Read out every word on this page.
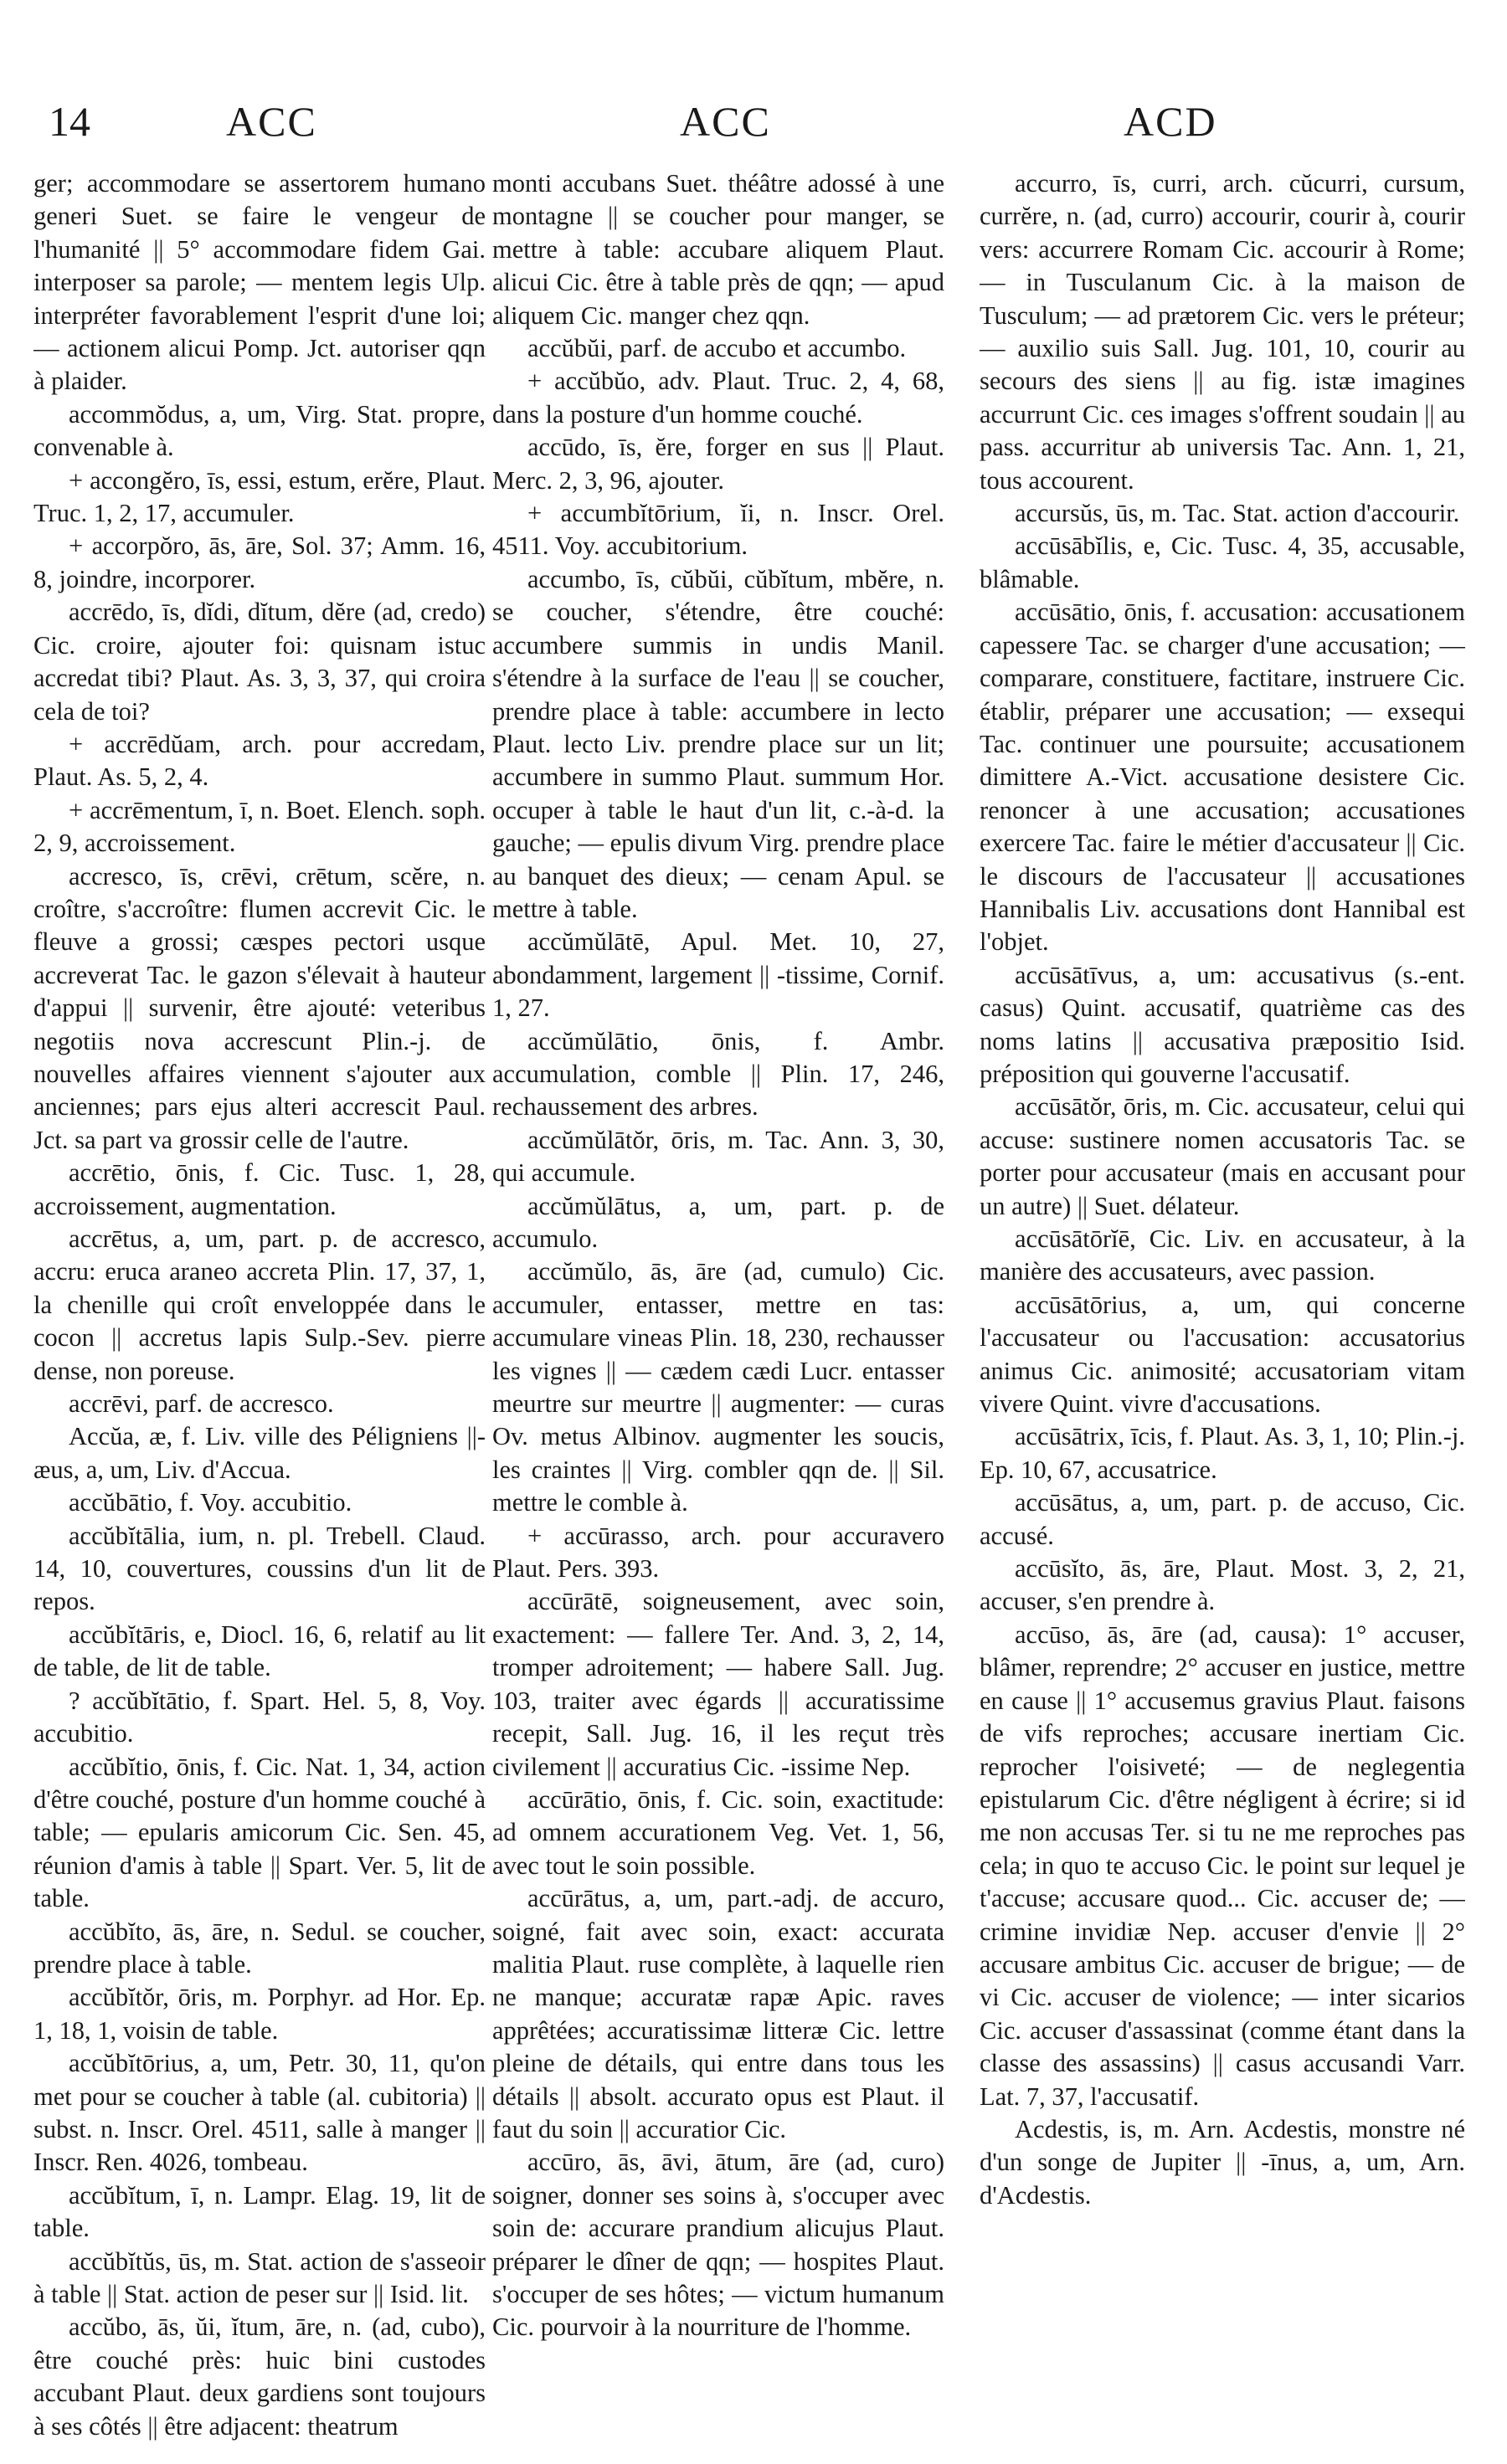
14	ACC	ACC	ACD

ger; accommodare se assertorem humano generi Suet. se faire le vengeur de l'humanité || 5° accommodare fidem Gai. interposer sa parole; — mentem legis Ulp. interpréter favorablement l'esprit d'une loi; — actionem alicui Pomp. Jct. autoriser qqn à plaider.

accommŏdus, a, um, Virg. Stat. propre, convenable à.

+ accongĕro, īs, essi, estum, erĕre, Plaut. Truc. 1, 2, 17, accumuler.

+ accorpŏro, ās, āre, Sol. 37; Amm. 16, 8, joindre, incorporer.

accrēdo, īs, dĭdi, dĭtum, dĕre (ad, credo) Cic. croire, ajouter foi: quisnam istuc accredat tibi? Plaut. As. 3, 3, 37, qui croira cela de toi?

+ accrēdŭam, arch. pour accredam, Plaut. As. 5, 2, 4.

+ accrēmentum, ī, n. Boet. Elench. soph. 2, 9, accroissement.

accresco, īs, crēvi, crētum, scĕre, n. croître, s'accroître: flumen accrevit Cic. le fleuve a grossi; cæspes pectori usque accreverat Tac. le gazon s'élevait à hauteur d'appui || survenir, être ajouté: veteribus negotiis nova accrescunt Plin.-j. de nouvelles affaires viennent s'ajouter aux anciennes; pars ejus alteri accrescit Paul. Jct. sa part va grossir celle de l'autre.

accrētio, ōnis, f. Cic. Tusc. 1, 28, accroissement, augmentation.

accrētus, a, um, part. p. de accresco, accru: eruca araneo accreta Plin. 17, 37, 1, la chenille qui croît enveloppée dans le cocon || accretus lapis Sulp.-Sev. pierre dense, non poreuse.

accrēvi, parf. de accresco.

Accŭa, æ, f. Liv. ville des Péligniens ||-æus, a, um, Liv. d'Accua.

accŭbātio, f. Voy. accubitio.

accŭbĭtālia, ium, n. pl. Trebell. Claud. 14, 10, couvertures, coussins d'un lit de repos.

accŭbĭtāris, e, Diocl. 16, 6, relatif au lit de table, de lit de table.

? accŭbĭtātio, f. Spart. Hel. 5, 8, Voy. accubitio.

accŭbĭtio, ōnis, f. Cic. Nat. 1, 34, action d'être couché, posture d'un homme couché à table; — epularis amicorum Cic. Sen. 45, réunion d'amis à table || Spart. Ver. 5, lit de table.

accŭbĭto, ās, āre, n. Sedul. se coucher, prendre place à table.

accŭbĭtŏr, ōris, m. Porphyr. ad Hor. Ep. 1, 18, 1, voisin de table.

accŭbĭtōrius, a, um, Petr. 30, 11, qu'on met pour se coucher à table (al. cubitoria) || subst. n. Inscr. Orel. 4511, salle à manger || Inscr. Ren. 4026, tombeau.

accŭbĭtum, ī, n. Lampr. Elag. 19, lit de table.

accŭbĭtŭs, ūs, m. Stat. action de s'asseoir à table || Stat. action de peser sur || Isid. lit.

accŭbo, ās, ŭi, ĭtum, āre, n. (ad, cubo), être couché près: huic bini custodes accubant Plaut. deux gardiens sont toujours à ses côtés || être adjacent: theatrum

monti accubans Suet. théâtre adossé à une montagne || se coucher pour manger, se mettre à table: accubare aliquem Plaut. alicui Cic. être à table près de qqn; — apud aliquem Cic. manger chez qqn.

accŭbŭi, parf. de accubo et accumbo.

+ accŭbŭo, adv. Plaut. Truc. 2, 4, 68, dans la posture d'un homme couché.

accūdo, īs, ĕre, forger en sus || Plaut. Merc. 2, 3, 96, ajouter.

+ accumbĭtōrium, ĭi, n. Inscr. Orel. 4511. Voy. accubitorium.

accumbo, īs, cŭbŭi, cŭbĭtum, mbĕre, n. se coucher, s'étendre, être couché: accumbere summis in undis Manil. s'étendre à la surface de l'eau || se coucher, prendre place à table: accumbere in lecto Plaut. lecto Liv. prendre place sur un lit; accumbere in summo Plaut. summum Hor. occuper à table le haut d'un lit, c.-à-d. la gauche; — epulis divum Virg. prendre place au banquet des dieux; — cenam Apul. se mettre à table.

accŭmŭlātē, Apul. Met. 10, 27, abondamment, largement || -tissime, Cornif. 1, 27.

accŭmŭlātio, ōnis, f. Ambr. accumulation, comble || Plin. 17, 246, rechaussement des arbres.

accŭmŭlātŏr, ōris, m. Tac. Ann. 3, 30, qui accumule.

accŭmŭlātus, a, um, part. p. de accumulo.

accŭmŭlo, ās, āre (ad, cumulo) Cic. accumuler, entasser, mettre en tas: accumulare vineas Plin. 18, 230, rechausser les vignes || — cædem cædi Lucr. entasser meurtre sur meurtre || augmenter: — curas Ov. metus Albinov. augmenter les soucis, les craintes || Virg. combler qqn de. || Sil. mettre le comble à.

+ accūrasso, arch. pour accuravero Plaut. Pers. 393.

accūrātē, soigneusement, avec soin, exactement: — fallere Ter. And. 3, 2, 14, tromper adroitement; — habere Sall. Jug. 103, traiter avec égards || accuratissime recepit, Sall. Jug. 16, il les reçut très civilement || accuratius Cic. -issime Nep.

accūrātio, ōnis, f. Cic. soin, exactitude: ad omnem accurationem Veg. Vet. 1, 56, avec tout le soin possible.

accūrātus, a, um, part.-adj. de accuro, soigné, fait avec soin, exact: accurata malitia Plaut. ruse complète, à laquelle rien ne manque; accuratæ rapæ Apic. raves apprêtées; accuratissimæ litteræ Cic. lettre pleine de détails, qui entre dans tous les détails || absolt. accurato opus est Plaut. il faut du soin || accuratior Cic.

accūro, ās, āvi, ātum, āre (ad, curo) soigner, donner ses soins à, s'occuper avec soin de: accurare prandium alicujus Plaut. préparer le dîner de qqn; — hospites Plaut. s'occuper de ses hôtes; — victum humanum Cic. pourvoir à la nourriture de l'homme.

accurro, īs, curri, arch. cŭcurri, cursum, currĕre, n. (ad, curro) accourir, courir à, courir vers: accurrere Romam Cic. accourir à Rome; — in Tusculanum Cic. à la maison de Tusculum; — ad prætorem Cic. vers le préteur; — auxilio suis Sall. Jug. 101, 10, courir au secours des siens || au fig. istæ imagines accurrunt Cic. ces images s'offrent soudain || au pass. accurritur ab universis Tac. Ann. 1, 21, tous accourent.

accursŭs, ūs, m. Tac. Stat. action d'accourir.

accūsābĭlis, e, Cic. Tusc. 4, 35, accusable, blâmable.

accūsātio, ōnis, f. accusation: accusationem capessere Tac. se charger d'une accusation; — comparare, constituere, factitare, instruere Cic. établir, préparer une accusation; — exsequi Tac. continuer une poursuite; accusationem dimittere A.-Vict. accusatione desistere Cic. renoncer à une accusation; accusationes exercere Tac. faire le métier d'accusateur || Cic. le discours de l'accusateur || accusationes Hannibalis Liv. accusations dont Hannibal est l'objet.

accūsātīvus, a, um: accusativus (s.-ent. casus) Quint. accusatif, quatrième cas des noms latins || accusativa præpositio Isid. préposition qui gouverne l'accusatif.

accūsātŏr, ōris, m. Cic. accusateur, celui qui accuse: sustinere nomen accusatoris Tac. se porter pour accusateur (mais en accusant pour un autre) || Suet. délateur.

accūsātōrĭē, Cic. Liv. en accusateur, à la manière des accusateurs, avec passion.

accūsātōrius, a, um, qui concerne l'accusateur ou l'accusation: accusatorius animus Cic. animosité; accusatoriam vitam vivere Quint. vivre d'accusations.

accūsātrix, īcis, f. Plaut. As. 3, 1, 10; Plin.-j. Ep. 10, 67, accusatrice.

accūsātus, a, um, part. p. de accuso, Cic. accusé.

accūsĭto, ās, āre, Plaut. Most. 3, 2, 21, accuser, s'en prendre à.

accūso, ās, āre (ad, causa): 1° accuser, blâmer, reprendre; 2° accuser en justice, mettre en cause || 1° accusemus gravius Plaut. faisons de vifs reproches; accusare inertiam Cic. reprocher l'oisiveté; — de neglegentia epistularum Cic. d'être négligent à écrire; si id me non accusas Ter. si tu ne me reproches pas cela; in quo te accuso Cic. le point sur lequel je t'accuse; accusare quod... Cic. accuser de; — crimine invidiæ Nep. accuser d'envie || 2° accusare ambitus Cic. accuser de brigue; — de vi Cic. accuser de violence; — inter sicarios Cic. accuser d'assassinat (comme étant dans la classe des assassins) || casus accusandi Varr. Lat. 7, 37, l'accusatif.

Acdestis, is, m. Arn. Acdestis, monstre né d'un songe de Jupiter || -īnus, a, um, Arn. d'Acdestis.
